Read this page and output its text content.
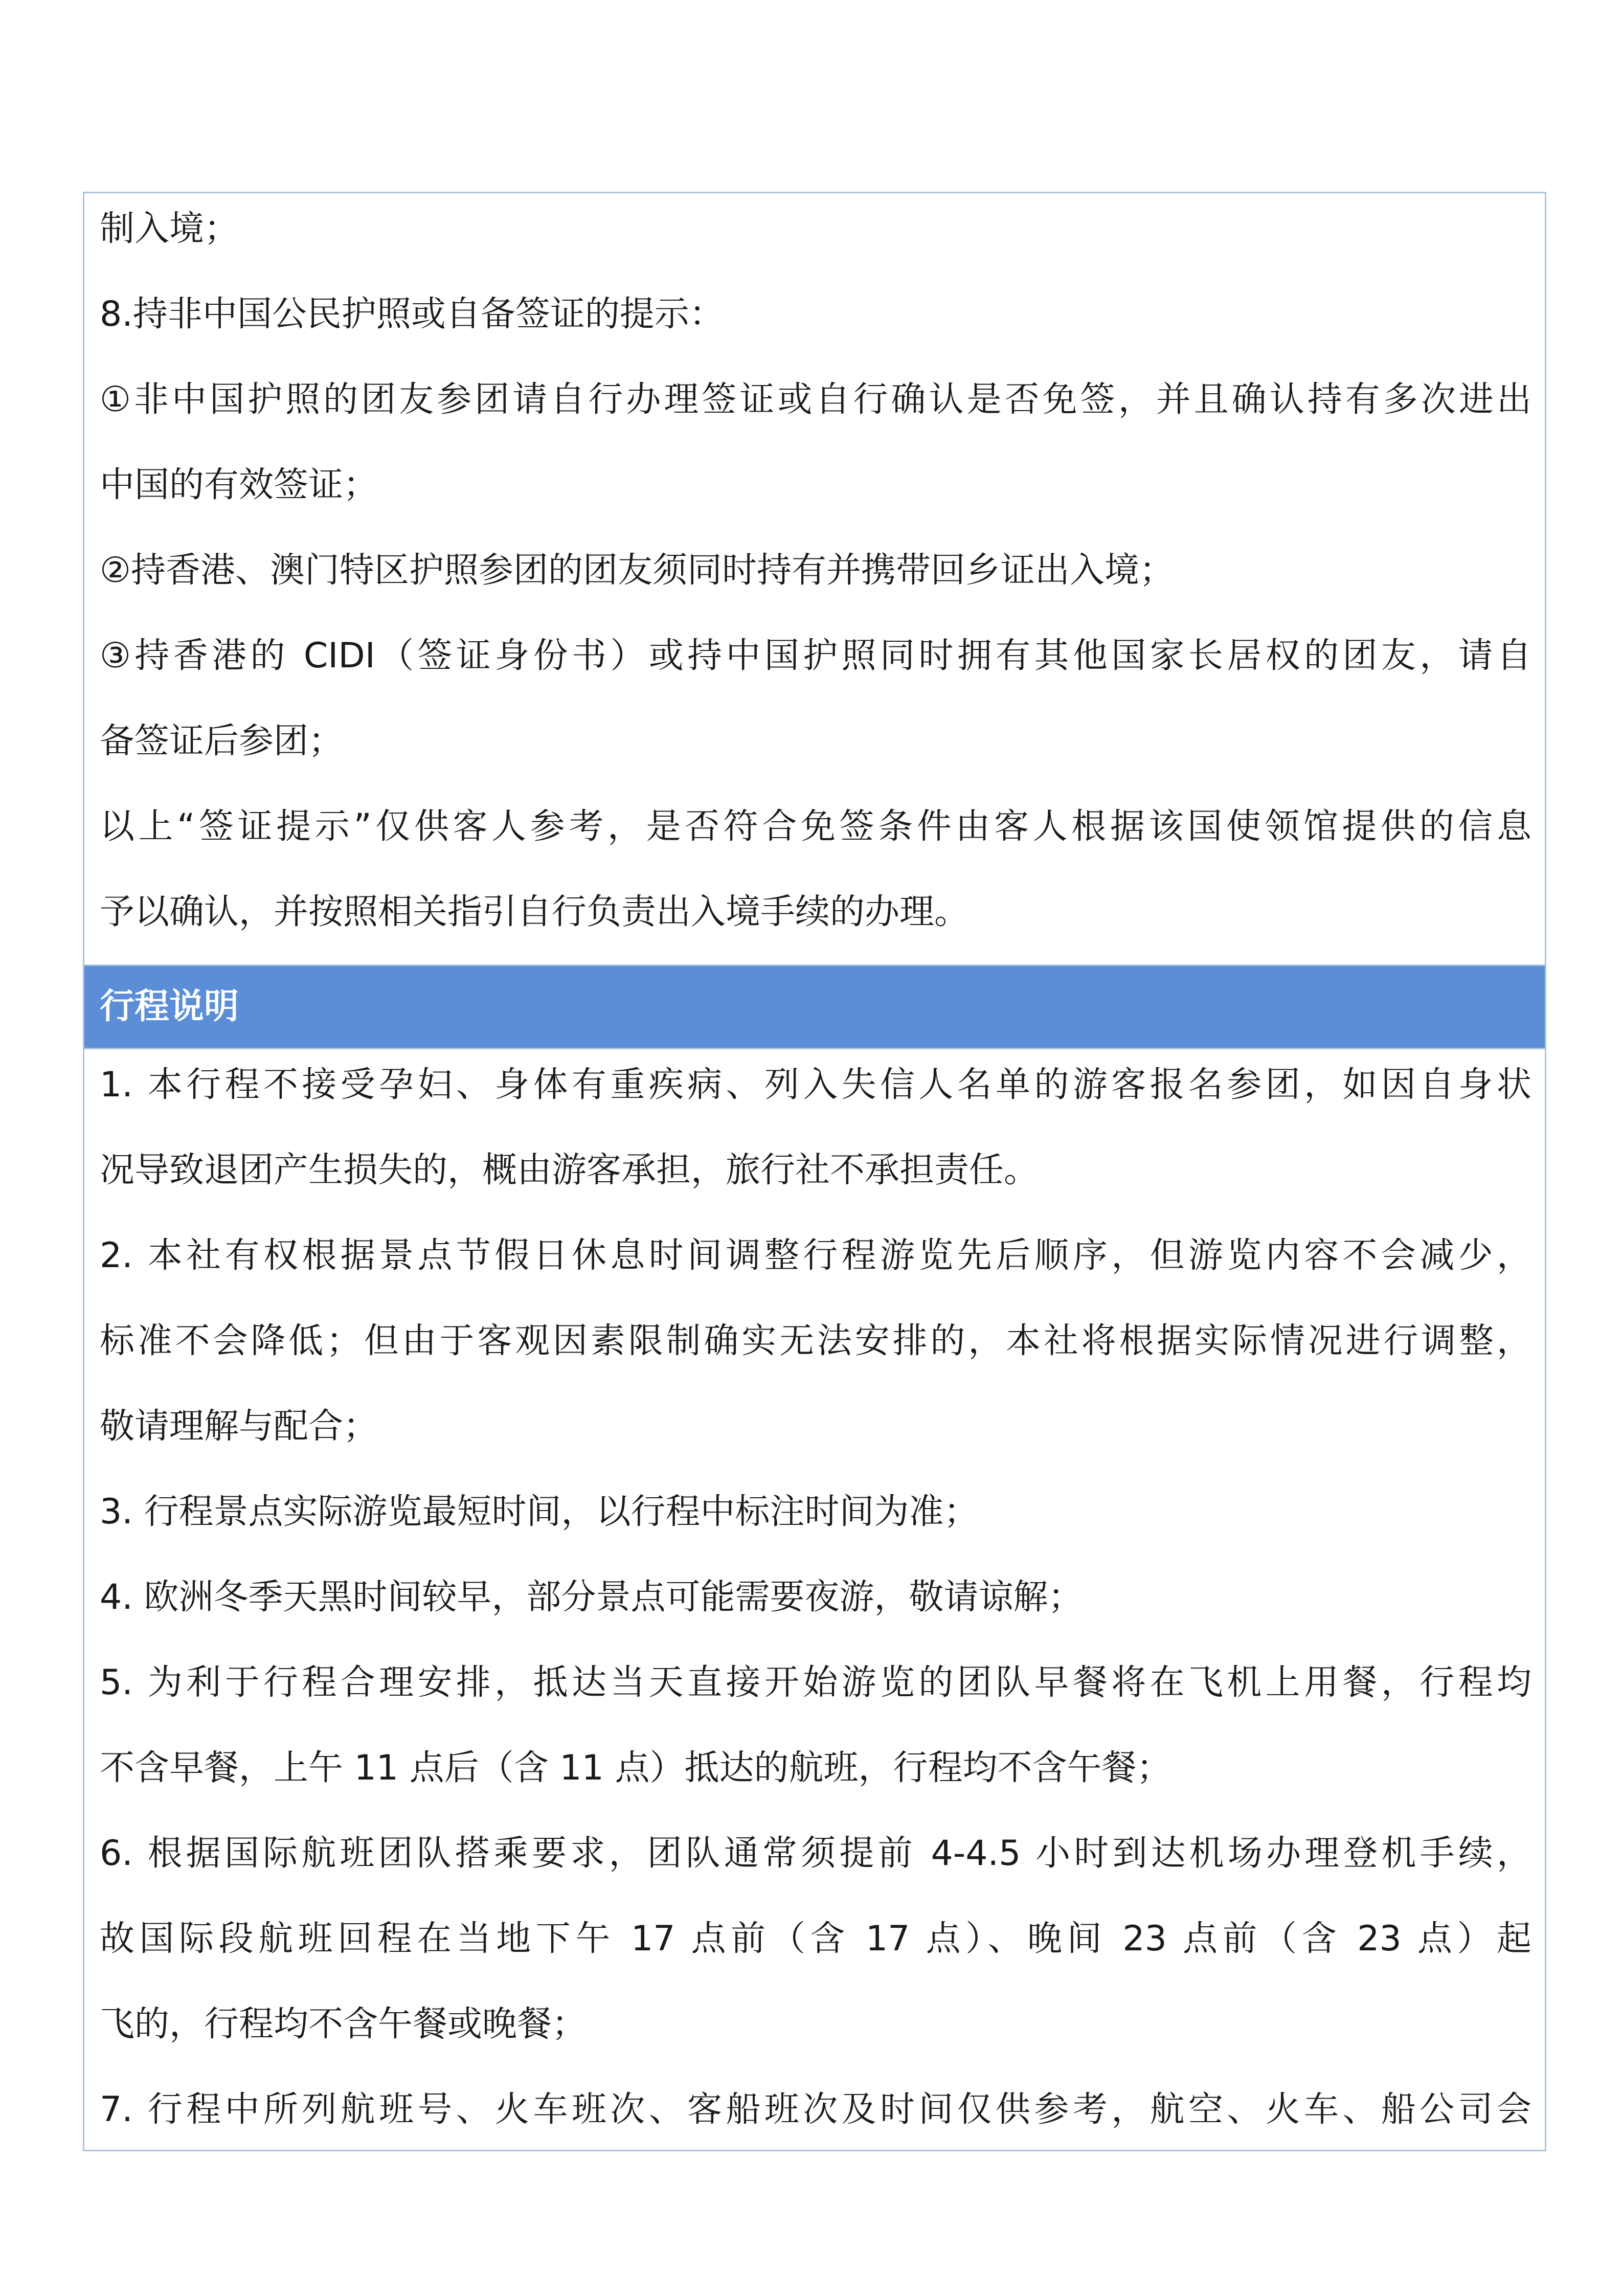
制入境；
8.持非中国公民护照或自备签证的提示：
①非中国护照的团友参团请自行办理签证或自行确认是否免签，并且确认持有多次进出
中国的有效签证；
②持香港、澳门特区护照参团的团友须同时持有并携带回乡证出入境；
③持香港的 CIDI（签证身份书）或持中国护照同时拥有其他国家长居权的团友，请自
备签证后参团；
以上“签证提示”仅供客人参考，是否符合免签条件由客人根据该国使领馆提供的信息
予以确认，并按照相关指引自行负责出入境手续的办理。
行程说明
1. 本行程不接受孕妇、身体有重疾病、列入失信人名单的游客报名参团，如因自身状
况导致退团产生损失的，概由游客承担，旅行社不承担责任。
2. 本社有权根据景点节假日休息时间调整行程游览先后顺序，但游览内容不会减少，
标准不会降低；但由于客观因素限制确实无法安排的，本社将根据实际情况进行调整，
敬请理解与配合；
3. 行程景点实际游览最短时间，以行程中标注时间为准；
4. 欧洲冬季天黑时间较早，部分景点可能需要夜游，敬请谅解；
5. 为利于行程合理安排，抵达当天直接开始游览的团队早餐将在飞机上用餐，行程均
不含早餐，上午 11 点后（含 11 点）抵达的航班，行程均不含午餐；
6. 根据国际航班团队搭乘要求，团队通常须提前 4-4.5 小时到达机场办理登机手续，
故国际段航班回程在当地下午 17 点前（含 17 点）、晚间 23 点前（含 23 点）起
飞的，行程均不含午餐或晚餐；
7. 行程中所列航班号、火车班次、客船班次及时间仅供参考，航空、火车、船公司会
